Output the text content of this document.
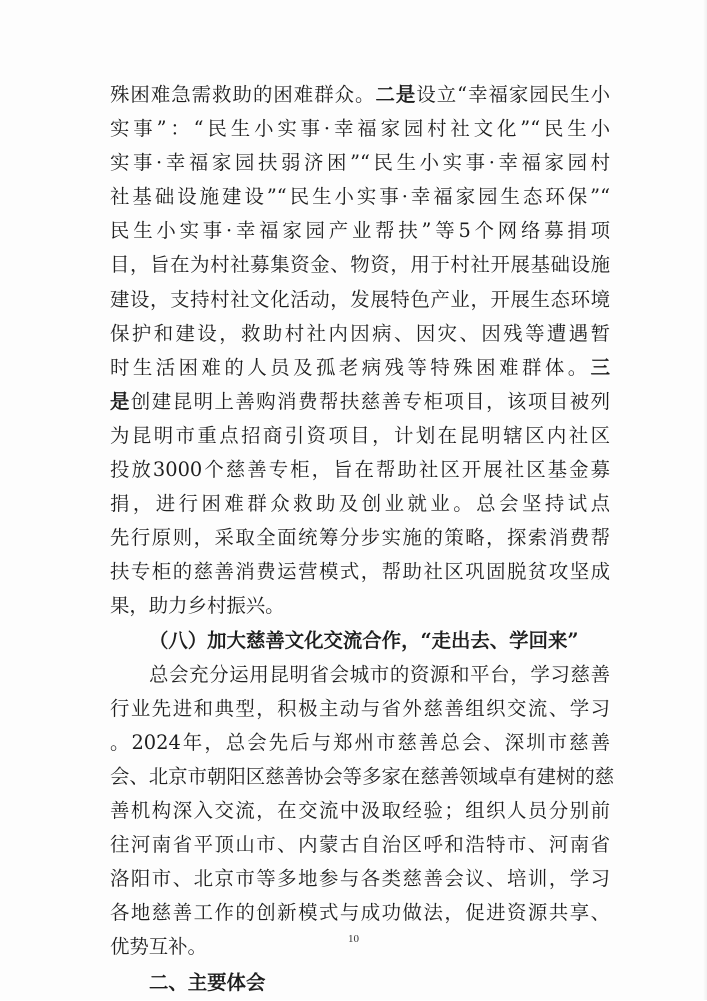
殊困难急需救助的困难群众。二是设立“幸福家园民生小
实事”：“民生小实事·幸福家园村社文化”“民生小
实事·幸福家园扶弱济困”“民生小实事·幸福家园村
社基础设施建设”“民生小实事·幸福家园生态环保”“
民生小实事·幸福家园产业帮扶”等5个网络募捐项
目，旨在为村社募集资金、物资，用于村社开展基础设施
建设，支持村社文化活动，发展特色产业，开展生态环境
保护和建设，救助村社内因病、因灾、因残等遭遇暂
时生活困难的人员及孤老病残等特殊困难群体。三
是创建昆明上善购消费帮扶慈善专柜项目，该项目被列
为昆明市重点招商引资项目，计划在昆明辖区内社区
投放3000个慈善专柜，旨在帮助社区开展社区基金募
捐，进行困难群众救助及创业就业。总会坚持试点
先行原则，采取全面统筹分步实施的策略，探索消费帮
扶专柜的慈善消费运营模式，帮助社区巩固脱贫攻坚成
果，助力乡村振兴。
（八）加大慈善文化交流合作，“走出去、学回来”
总会充分运用昆明省会城市的资源和平台，学习慈善
行业先进和典型，积极主动与省外慈善组织交流、学习
。2024年，总会先后与郑州市慈善总会、深圳市慈善
会、北京市朝阳区慈善协会等多家在慈善领域卓有建树的慈
善机构深入交流，在交流中汲取经验；组织人员分别前
往河南省平顶山市、内蒙古自治区呼和浩特市、河南省
洛阳市、北京市等多地参与各类慈善会议、培训，学习
各地慈善工作的创新模式与成功做法，促进资源共享、
优势互补。
二、主要体会
10
